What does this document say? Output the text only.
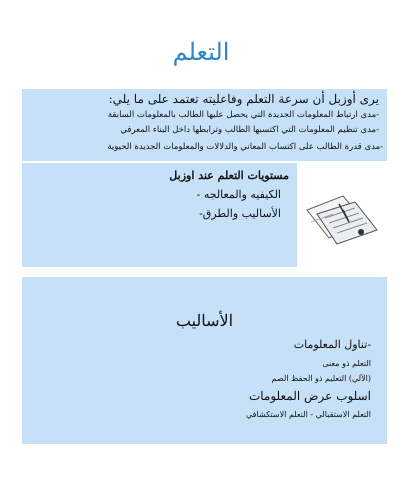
التعلم
يرى أوزبل أن سرعة التعلم وفاعليته تعتمد على ما يلي:
-مدى ارتباط المعلومات الجديدة التي يحصل عليها الطالب بالمعلومات السابقة
-مدى تنظيم المعلومات التي اكتسبها الطالب وترابطها داخل البناء المعرفي
-مدى قدرة الطالب على اكتساب المعاني والدلالات والمعلومات الجديدة الحيوية
مستويات التعلم عند اوزبل
الكيفيه والمعالجه -
الأساليب والطرق-
الأساليب
-تناول المعلومات
التعلم ذو معنى
(الآلي) التعليم ذو الحفظ الصم
اسلوب عرض المعلومات
التعلم الاستقبالي - التعلم الاستكشافي
